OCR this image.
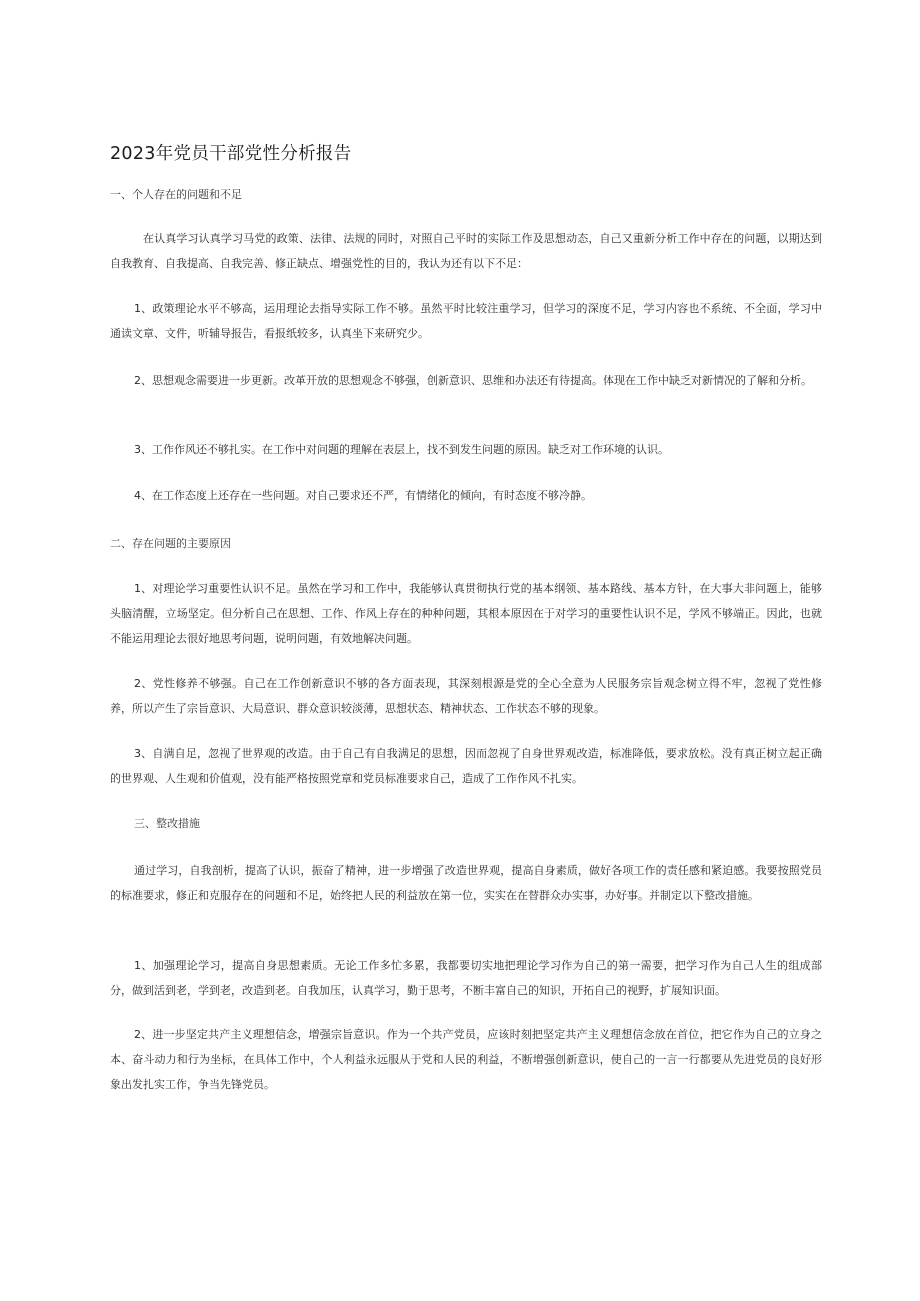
2023年党员干部党性分析报告

一、个人存在的问题和不足

在认真学习认真学习马党的政策、法律、法规的同时，对照自己平时的实际工作及思想动态，自己又重新分析工作中存在的问题，以期达到自我教育、自我提高、自我完善、修正缺点、增强党性的目的，我认为还有以下不足：

1、政策理论水平不够高，运用理论去指导实际工作不够。虽然平时比较注重学习，但学习的深度不足，学习内容也不系统、不全面，学习中通读文章、文件，听辅导报告，看报纸较多，认真坐下来研究少。

2、思想观念需要进一步更新。改革开放的思想观念不够强，创新意识、思维和办法还有待提高。体现在工作中缺乏对新情况的了解和分析。

3、工作作风还不够扎实。在工作中对问题的理解在表层上，找不到发生问题的原因。缺乏对工作环境的认识。

4、在工作态度上还存在一些问题。对自己要求还不严，有情绪化的倾向，有时态度不够冷静。

二、存在问题的主要原因

1、对理论学习重要性认识不足。虽然在学习和工作中，我能够认真贯彻执行党的基本纲领、基本路线、基本方针，在大事大非问题上，能够头脑清醒，立场坚定。但分析自己在思想、工作、作风上存在的种种问题，其根本原因在于对学习的重要性认识不足，学风不够端正。因此，也就不能运用理论去很好地思考问题，说明问题，有效地解决问题。

2、党性修养不够强。自己在工作创新意识不够的各方面表现，其深刻根源是党的全心全意为人民服务宗旨观念树立得不牢，忽视了党性修养，所以产生了宗旨意识、大局意识、群众意识较淡薄，思想状态、精神状态、工作状态不够的现象。

3、自满自足，忽视了世界观的改造。由于自己有自我满足的思想，因而忽视了自身世界观改造，标准降低，要求放松。没有真正树立起正确的世界观、人生观和价值观，没有能严格按照党章和党员标准要求自己，造成了工作作风不扎实。

三、整改措施

通过学习，自我剖析，提高了认识，振奋了精神，进一步增强了改造世界观，提高自身素质，做好各项工作的责任感和紧迫感。我要按照党员的标准要求，修正和克服存在的问题和不足，始终把人民的利益放在第一位，实实在在替群众办实事，办好事。并制定以下整改措施。

1、加强理论学习，提高自身思想素质。无论工作多忙多累，我都要切实地把理论学习作为自己的第一需要，把学习作为自己人生的组成部分，做到活到老，学到老，改造到老。自我加压，认真学习，勤于思考，不断丰富自己的知识，开拓自己的视野，扩展知识面。

2、进一步坚定共产主义理想信念，增强宗旨意识。作为一个共产党员，应该时刻把坚定共产主义理想信念放在首位，把它作为自己的立身之本、奋斗动力和行为坐标，在具体工作中，个人利益永远服从于党和人民的利益，不断增强创新意识，使自己的一言一行都要从先进党员的良好形象出发扎实工作，争当先锋党员。
